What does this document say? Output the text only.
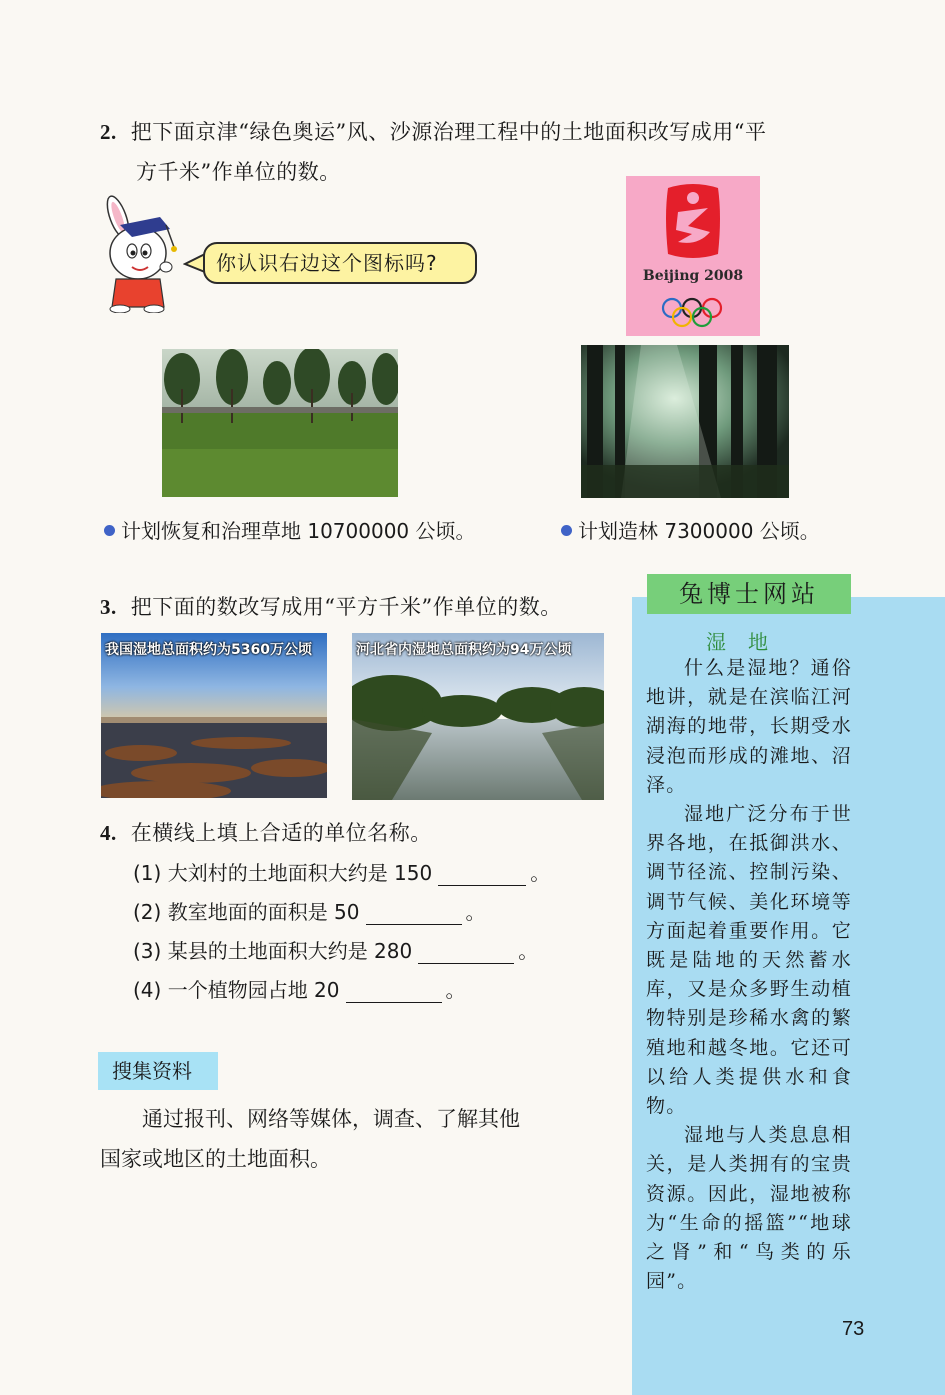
2. 把下面京津“绿色奥运”风、沙源治理工程中的土地面积改写成用“平
方千米”作单位的数。
你认识右边这个图标吗?
Beijing 2008
计划恢复和治理草地 10700000 公顷。	计划造林 7300000 公顷。
3. 把下面的数改写成用“平方千米”作单位的数。
我国湿地总面积约为5360万公顷	河北省内湿地总面积约为94万公顷
4. 在横线上填上合适的单位名称。
(1) 大刘村的土地面积大约是 150	。
(2) 教室地面的面积是 50	。
(3) 某县的土地面积大约是 280	。
(4) 一个植物园占地 20	。
搜集资料
通过报刊、网络等媒体，调查、了解其他
国家或地区的土地面积。
兔博士网站
湿地

什么是湿地？通俗地讲，就是在滨临江河湖海的地带，长期受水浸泡而形成的滩地、沼泽。

湿地广泛分布于世界各地，在抵御洪水、调节径流、控制污染、调节气候、美化环境等方面起着重要作用。它既是陆地的天然蓄水库，又是众多野生动植物特别是珍稀水禽的繁殖地和越冬地。它还可以给人类提供水和食物。

湿地与人类息息相关，是人类拥有的宝贵资源。因此，湿地被称为“生命的摇篮”“地球之肾”和“鸟类的乐园”。

73
